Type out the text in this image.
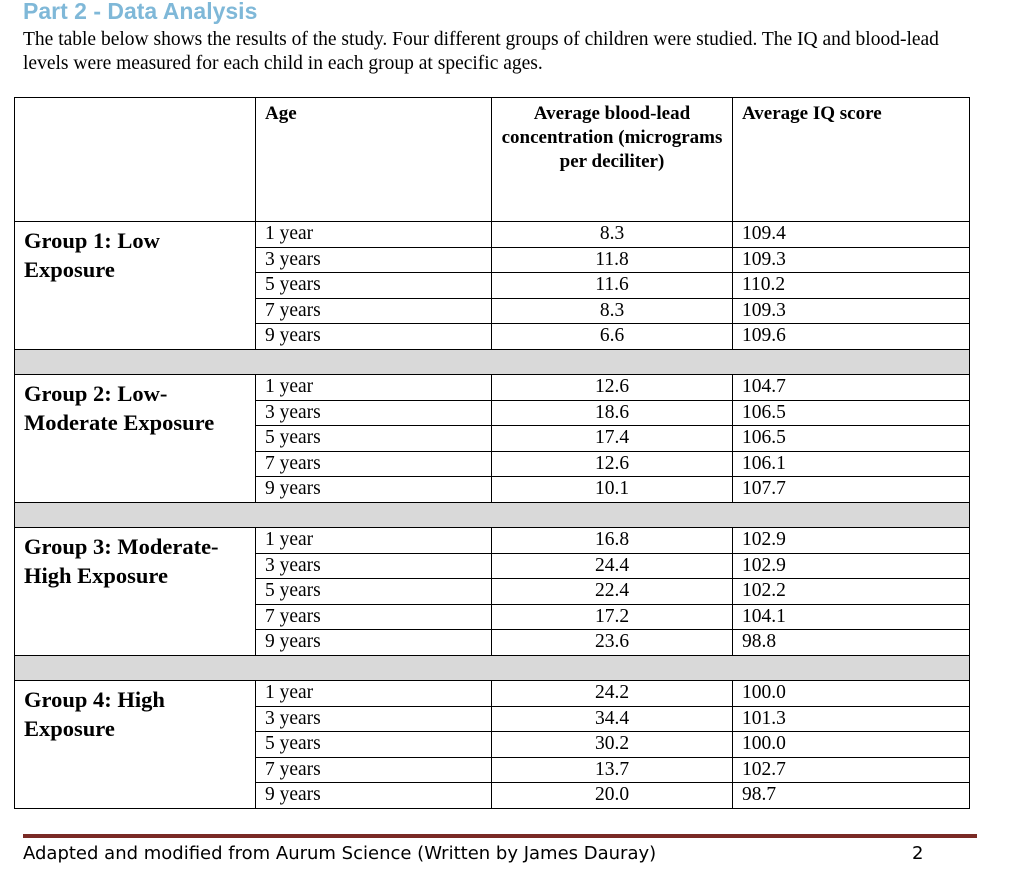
Part 2 - Data Analysis
The table below shows the results of the study. Four different groups of children were studied. The IQ and blood-lead levels were measured for each child in each group at specific ages.

	Age	Average blood-lead concentration (micrograms per deciliter)	Average IQ score

Group 1: Low Exposure	1 year	8.3	109.4
	3 years	11.8	109.3
	5 years	11.6	110.2
	7 years	8.3	109.3
	9 years	6.6	109.6

Group 2: Low-Moderate Exposure	1 year	12.6	104.7
	3 years	18.6	106.5
	5 years	17.4	106.5
	7 years	12.6	106.1
	9 years	10.1	107.7

Group 3: Moderate-High Exposure	1 year	16.8	102.9
	3 years	24.4	102.9
	5 years	22.4	102.2
	7 years	17.2	104.1
	9 years	23.6	98.8

Group 4: High Exposure	1 year	24.2	100.0
	3 years	34.4	101.3
	5 years	30.2	100.0
	7 years	13.7	102.7
	9 years	20.0	98.7
Adapted and modified from Aurum Science (Written by James Dauray)	2
